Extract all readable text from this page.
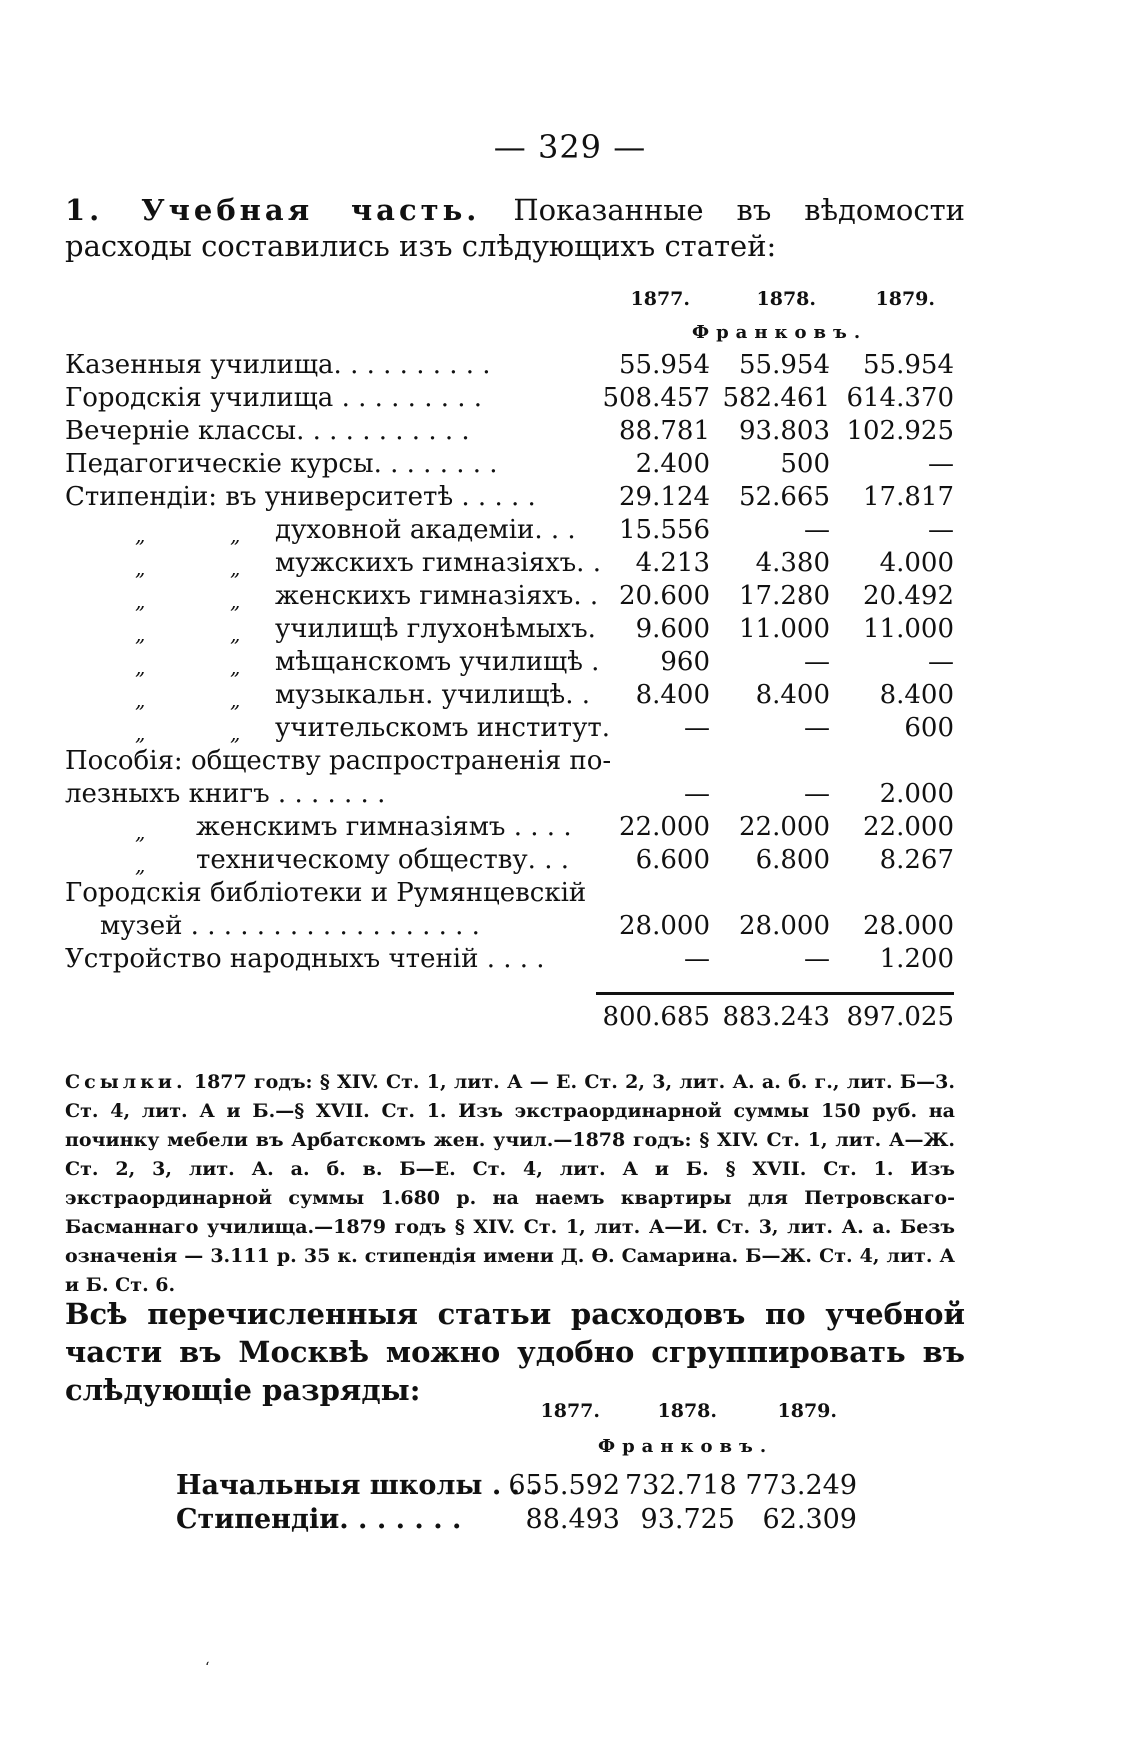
— 329 —
1. Учебная часть. Показанные въ вѣдомости расходы составились изъ слѣдующихъ статей:
1877.	1878.	1879.
Франковъ.
Казенныя училища. . . . . . . . . .	55.954	55.954	55.954
Городскія училища . . . . . . . . .	508.457 582.461 614.370
Вечерніе классы. . . . . . . . . . .	88.781	93.803 102.925
Педагогическіе курсы. . . . . . . .	2.400	500	—
Стипендіи: въ университетѣ . . . . .	29.124	52.665	17.817
„	„ духовной академіи. . .	15.556	—	—
„	„ мужскихъ гимназіяхъ. .	4.213	4.380	4.000
„	„ женскихъ гимназіяхъ. . 20.600	17.280	20.492
„	„ училищѣ глухонѣмыхъ.	9.600	11.000	11.000
„	„ мѣщанскомъ училищѣ .	960	—	—
„	„ музыкальн. училищѣ. .	8.400	8.400	8.400
„	„ учительскомъ институт.	—	—	600
Пособія: обществу распространенія по-
лезныхъ книгъ . . . . . . .	—	—	2.000
„ женскимъ гимназіямъ . . . .	22.000	22.000	22.000
„ техническому обществу. . .	6.600	6.800	8.267
Городскія библіотеки и Румянцевскій
музей . . . . . . . . . . . . . . . . . .	28.000	28.000	28.000
Устройство народныхъ чтеній . . . .	—	—	1.200
800.685 883.243 897.025
Ссылки. 1877 годъ: § XIV. Ст. 1, лит. А — Е. Ст. 2, 3, лит. А. а. б. г., лит. Б—3. Ст. 4, лит. А и Б.—§ XVII. Ст. 1. Изъ экстраординарной суммы 150 руб. на починку мебели въ Арбатскомъ жен. учил.—1878 годъ: § XIV. Ст. 1, лит. А—Ж. Ст. 2, 3, лит. А. а. б. в. Б—Е. Ст. 4, лит. А и Б. § XVII. Ст. 1. Изъ экстраординарной суммы 1.680 р. на наемъ квартиры для Петровскаго-Басманнаго училища.—1879 годъ § XIV. Ст. 1, лит. А—И. Ст. 3, лит. А. а. Безъ означенія — 3.111 р. 35 к. стипендія имени Д. Ѳ. Самарина. Б—Ж. Ст. 4, лит. А и Б. Ст. 6.
Всѣ перечисленныя статьи расходовъ по учебной части въ Москвѣ можно удобно сгруппировать въ слѣдующіе разряды:
1877.	1878.	1879.
Франковъ.
Начальныя школы . . .
655.592 732.718 773.249
Стипендіи. . . . . . .	88.493 93.725	62.309
‘
